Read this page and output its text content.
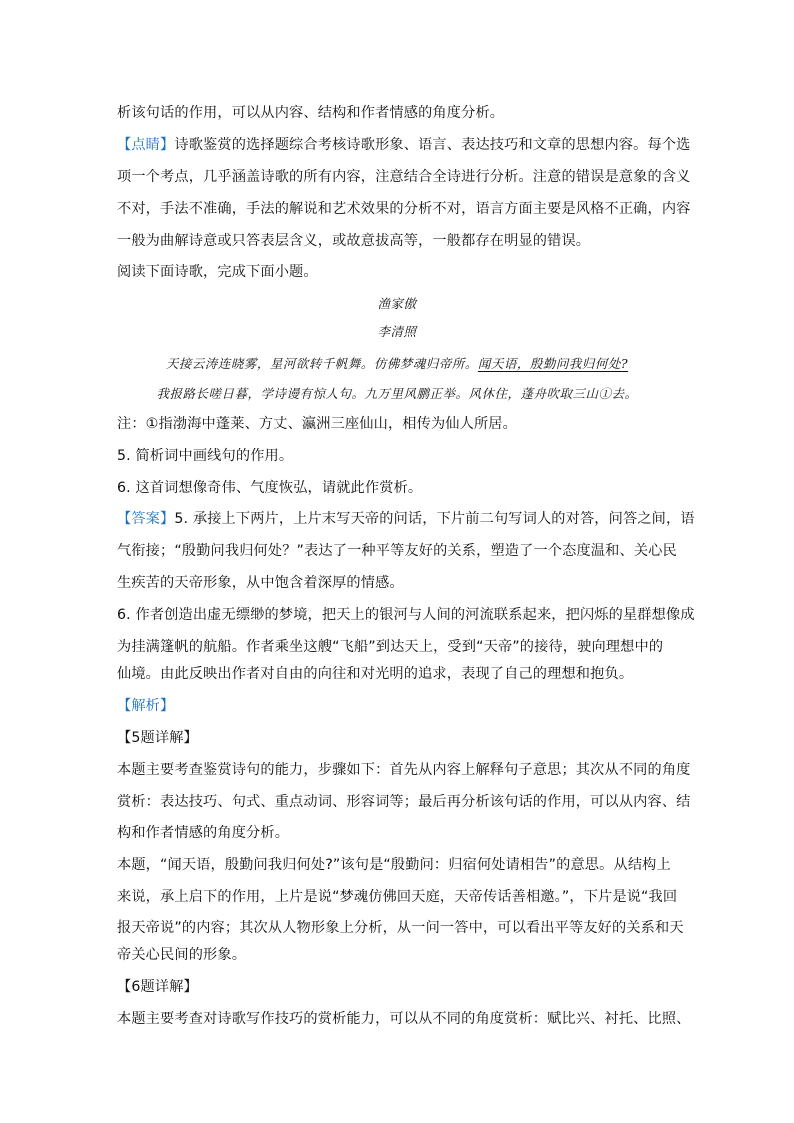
析该句话的作用，可以从内容、结构和作者情感的角度分析。
【点睛】诗歌鉴赏的选择题综合考核诗歌形象、语言、表达技巧和文章的思想内容。每个选
项一个考点，几乎涵盖诗歌的所有内容，注意结合全诗进行分析。注意的错误是意象的含义
不对，手法不准确，手法的解说和艺术效果的分析不对，语言方面主要是风格不正确，内容
一般为曲解诗意或只答表层含义，或故意拔高等，一般都存在明显的错误。
阅读下面诗歌，完成下面小题。
渔家傲
李清照
天接云涛连晓雾，星河欲转千帆舞。仿佛梦魂归帝所。闻天语，殷勤问我归何处?
我报路长嗟日暮，学诗谩有惊人句。九万里风鹏正举。风休住，蓬舟吹取三山①去。
注：①指渤海中蓬莱、方丈、瀛洲三座仙山，相传为仙人所居。
5. 简析词中画线句的作用。
6. 这首词想像奇伟、气度恢弘，请就此作赏析。
【答案】5. 承接上下两片，上片末写天帝的问话，下片前二句写词人的对答，问答之间，语
气衔接；“殷勤问我归何处？”表达了一种平等友好的关系，塑造了一个态度温和、关心民
生疾苦的天帝形象，从中饱含着深厚的情感。
6. 作者创造出虚无缥缈的梦境，把天上的银河与人间的河流联系起来，把闪烁的星群想像成
为挂满篷帆的航船。作者乘坐这艘“飞船”到达天上，受到“天帝”的接待，驶向理想中的
仙境。由此反映出作者对自由的向往和对光明的追求，表现了自己的理想和抱负。
【解析】
【5题详解】
本题主要考查鉴赏诗句的能力，步骤如下：首先从内容上解释句子意思；其次从不同的角度
赏析：表达技巧、句式、重点动词、形容词等；最后再分析该句话的作用，可以从内容、结
构和作者情感的角度分析。
本题，“闻天语，殷勤问我归何处?”该句是“殷勤问：归宿何处请相告”的意思。从结构上
来说，承上启下的作用，上片是说“梦魂仿佛回天庭，天帝传话善相邀。”，下片是说“我回
报天帝说”的内容；其次从人物形象上分析，从一问一答中，可以看出平等友好的关系和天
帝关心民间的形象。
【6题详解】
本题主要考查对诗歌写作技巧的赏析能力，可以从不同的角度赏析：赋比兴、衬托、比照、
